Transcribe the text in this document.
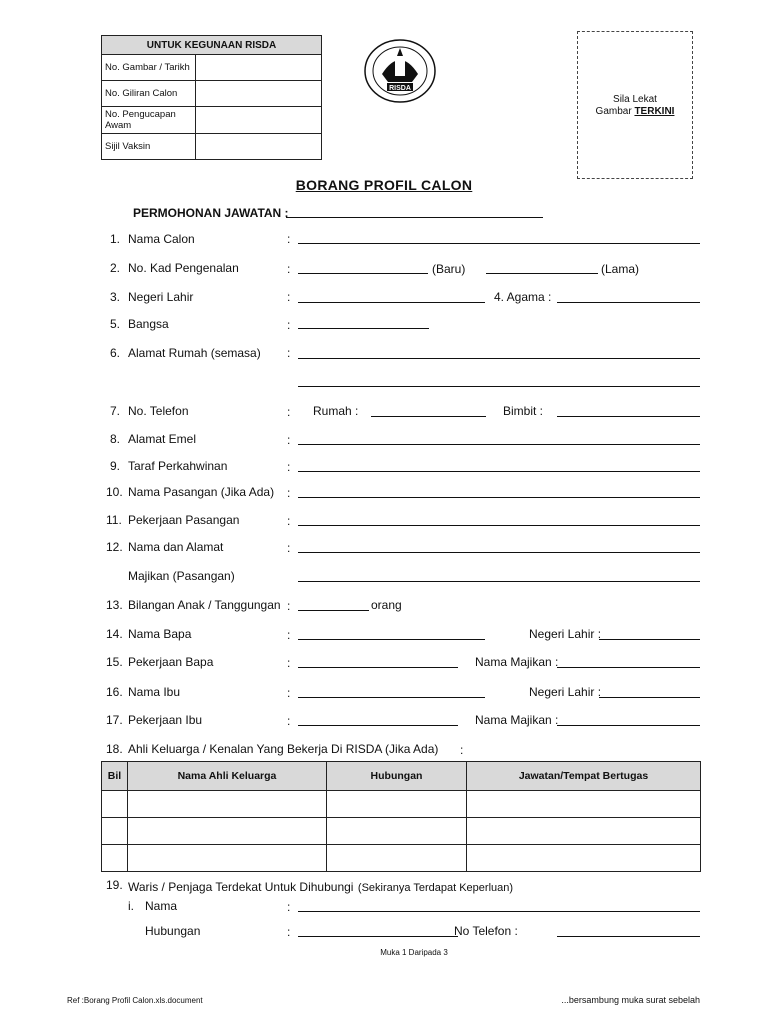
UNTUK KEGUNAAN RISDA	
No. Gambar / Tarikh	
No. Giliran Calon	
No. Pengucapan Awam	
Sijil Vaksin	
RISDA
Sila Lekat
Gambar TERKINI
BORANG PROFIL CALON
PERMOHONAN JAWATAN :
1. Nama Calon	:
2. No. Kad Pengenalan	:	(Baru)	(Lama)
3. Negeri Lahir	:	4. Agama :
5. Bangsa	:
6. Alamat Rumah (semasa) :
7. No. Telefon	: Rumah :	Bimbit :
8. Alamat Emel	:
9. Taraf Perkahwinan	:
10. Nama Pasangan (Jika Ada) :
11. Pekerjaan Pasangan	:
12. Nama dan Alamat	:
Majikan (Pasangan)
13. Bilangan Anak / Tanggungan :	orang
14. Nama Bapa	:	Negeri Lahir :
15. Pekerjaan Bapa	:	Nama Majikan :
16. Nama Ibu	:	Negeri Lahir :
17. Pekerjaan Ibu	:	Nama Majikan :
18. Ahli Keluarga / Kenalan Yang Bekerja Di RISDA (Jika Ada) :
Bil	Nama Ahli Keluarga	Hubungan	Jawatan/Tempat Bertugas

19. Waris / Penjaga Terdekat Untuk Dihubungi (Sekiranya Terdapat Keperluan)
i. Nama	:
Hubungan	:	No Telefon :
Muka 1 Daripada 3
Ref :Borang Profil Calon.xls.document	...bersambung muka surat sebelah
